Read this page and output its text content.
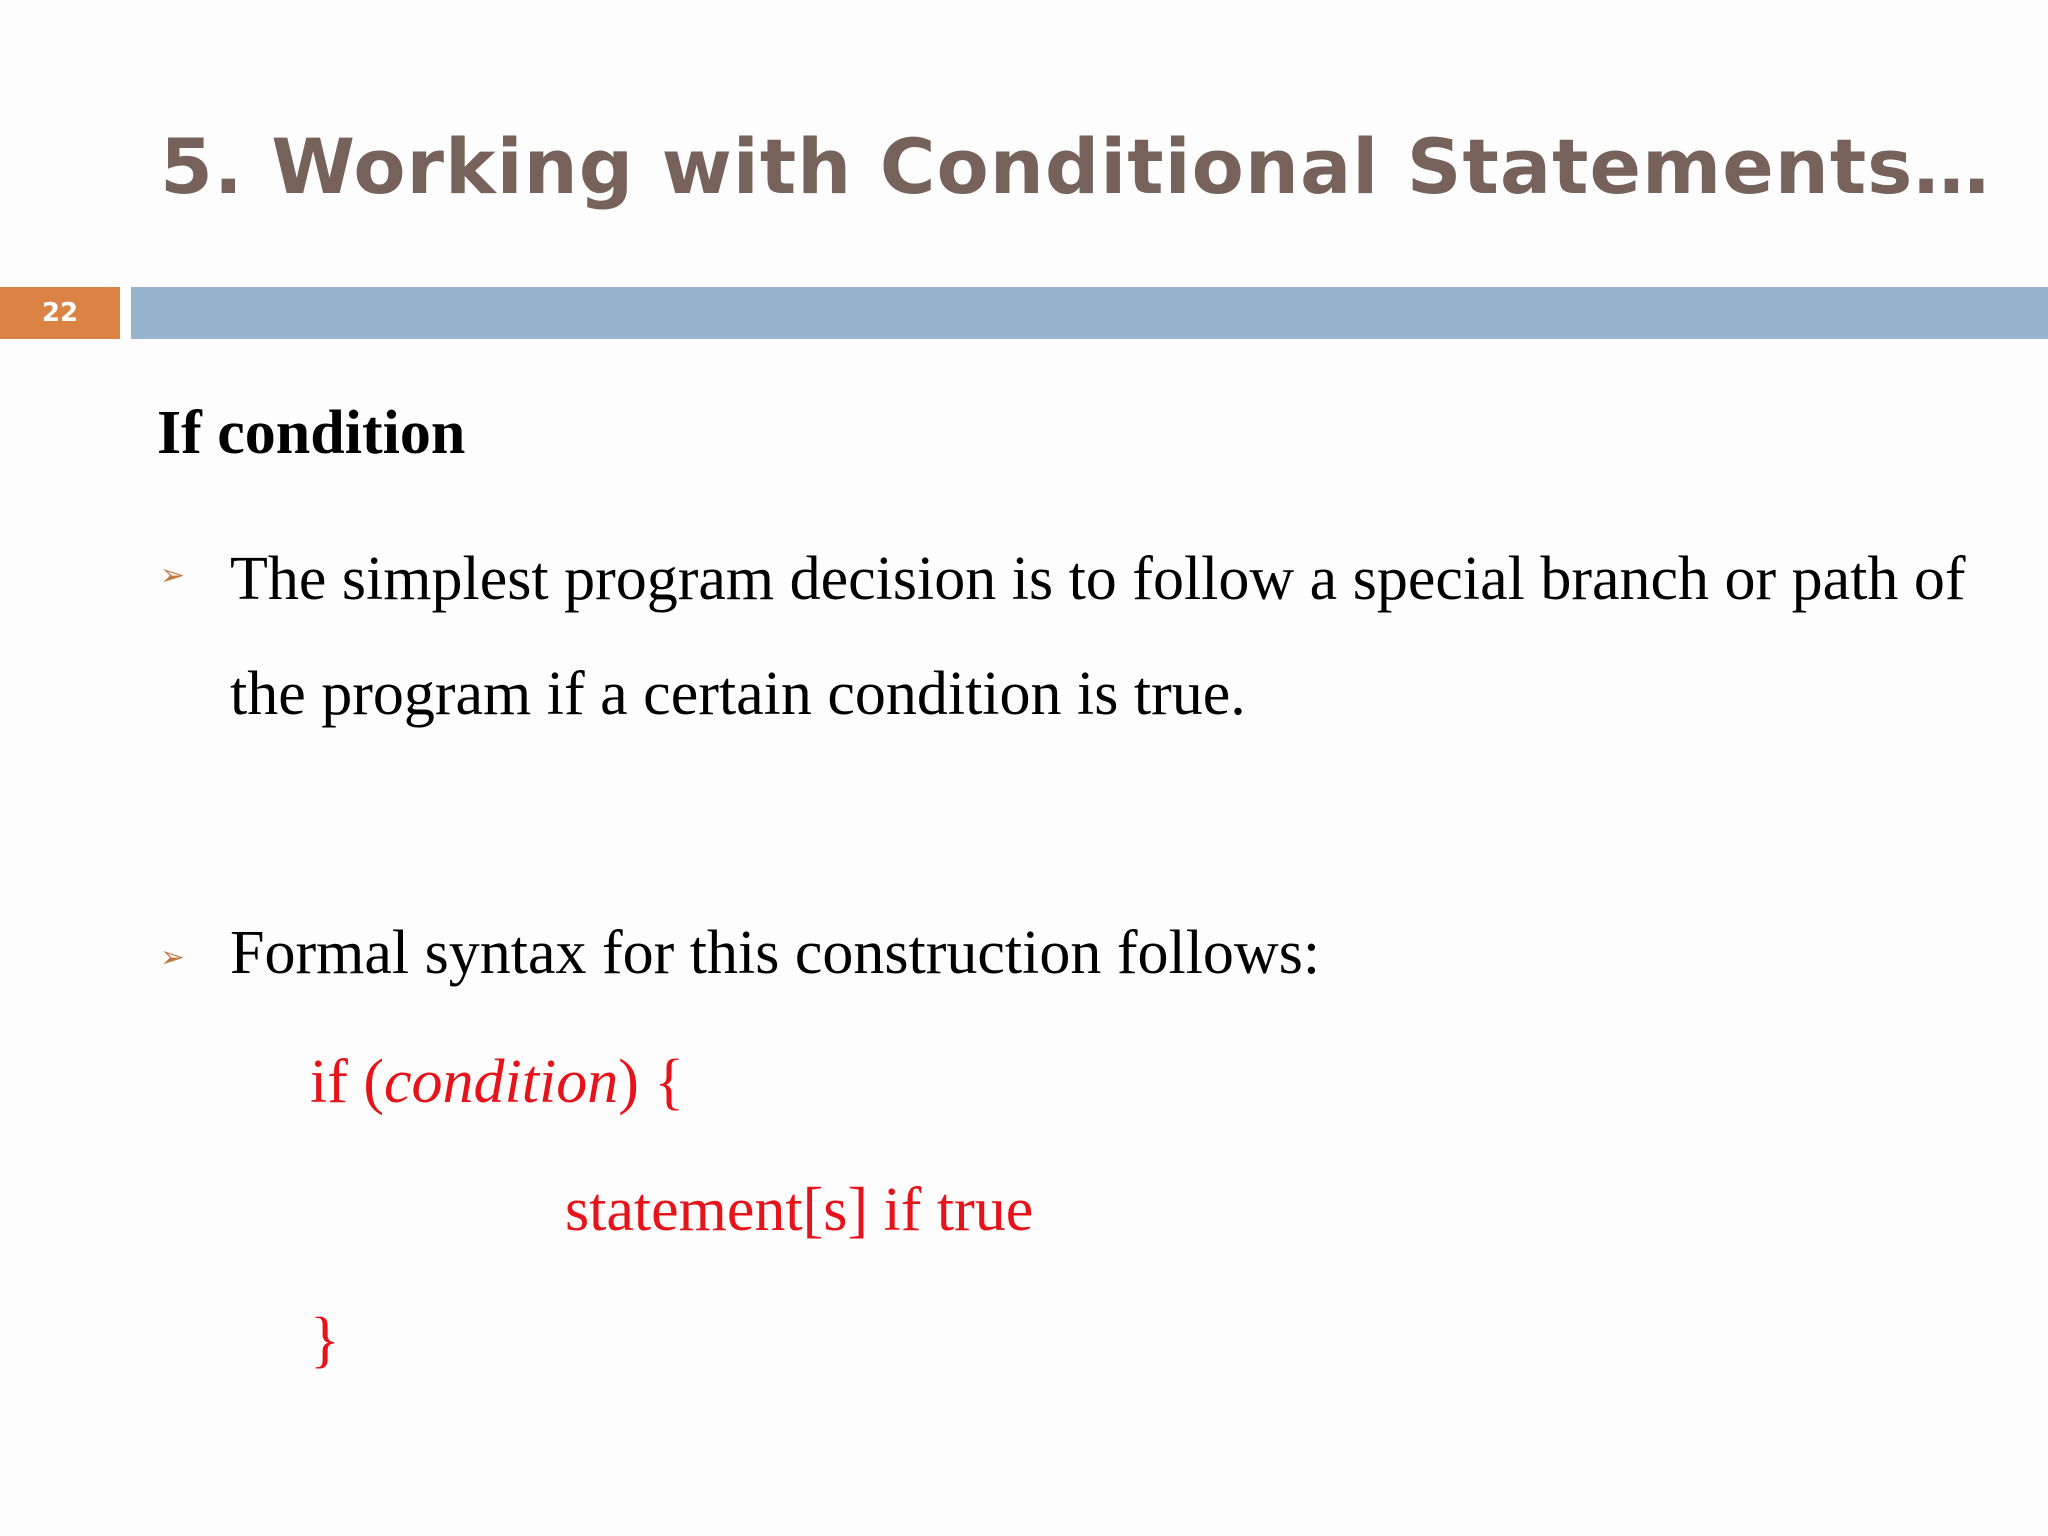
5. Working with Conditional Statements…
22
If condition
➢ The simplest program decision is to follow a special branch or path of the program if a certain condition is true.

➢ Formal syntax for this construction follows:

if (condition) {
statement[s] if true
}
